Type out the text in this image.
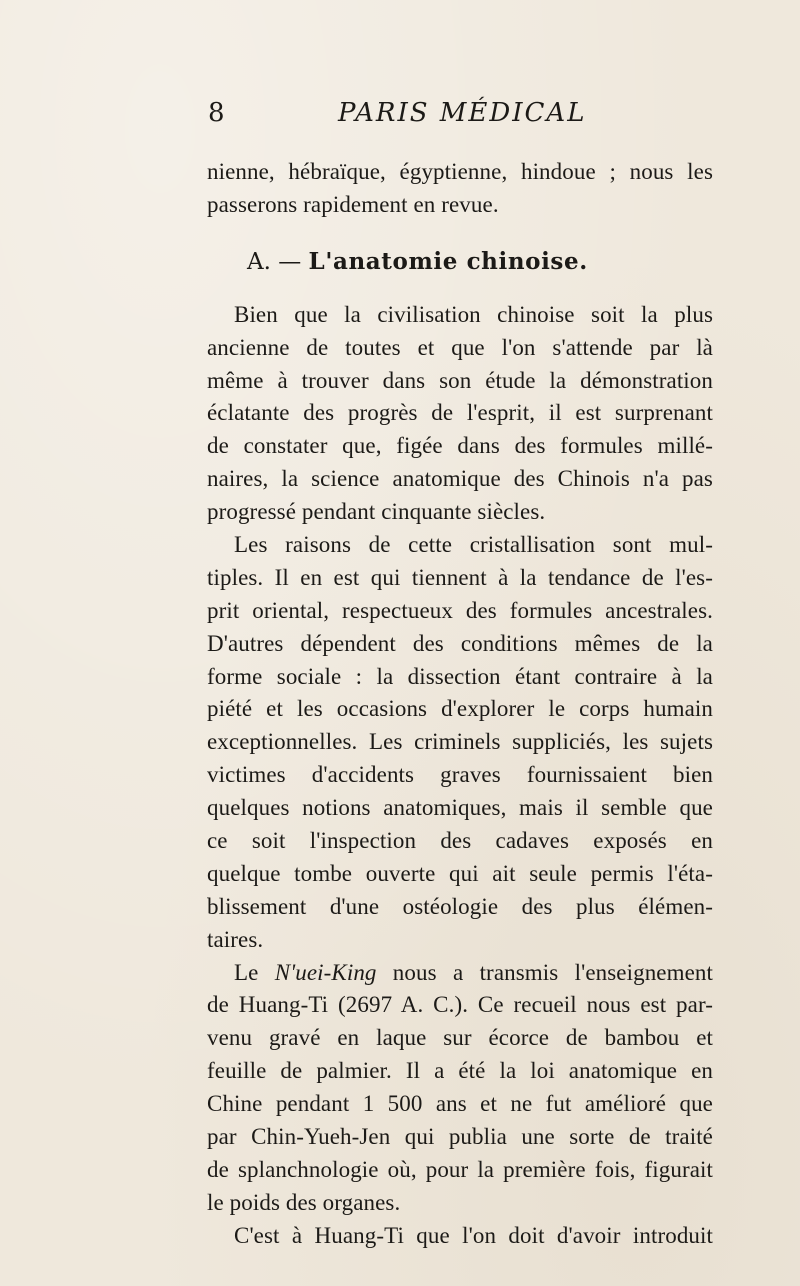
8	PARIS MÉDICAL
nienne, hébraïque, égyptienne, hindoue ; nous les
passerons rapidement en revue.
A. — L'anatomie chinoise.
Bien que la civilisation chinoise soit la plus
ancienne de toutes et que l'on s'attende par là
même à trouver dans son étude la démonstration
éclatante des progrès de l'esprit, il est surprenant
de constater que, figée dans des formules millé-
naires, la science anatomique des Chinois n'a pas
progressé pendant cinquante siècles.
Les raisons de cette cristallisation sont mul-
tiples. Il en est qui tiennent à la tendance de l'es-
prit oriental, respectueux des formules ancestrales.
D'autres dépendent des conditions mêmes de la
forme sociale : la dissection étant contraire à la
piété et les occasions d'explorer le corps humain
exceptionnelles. Les criminels suppliciés, les sujets
victimes d'accidents graves fournissaient bien
quelques notions anatomiques, mais il semble que
ce soit l'inspection des cadaves exposés en
quelque tombe ouverte qui ait seule permis l'éta-
blissement d'une ostéologie des plus élémen-
taires.
Le N'uei-King nous a transmis l'enseignement
de Huang-Ti (2697 A. C.). Ce recueil nous est par-
venu gravé en laque sur écorce de bambou et
feuille de palmier. Il a été la loi anatomique en
Chine pendant 1 500 ans et ne fut amélioré que
par Chin-Yueh-Jen qui publia une sorte de traité
de splanchnologie où, pour la première fois, figurait
le poids des organes.
C'est à Huang-Ti que l'on doit d'avoir introduit
